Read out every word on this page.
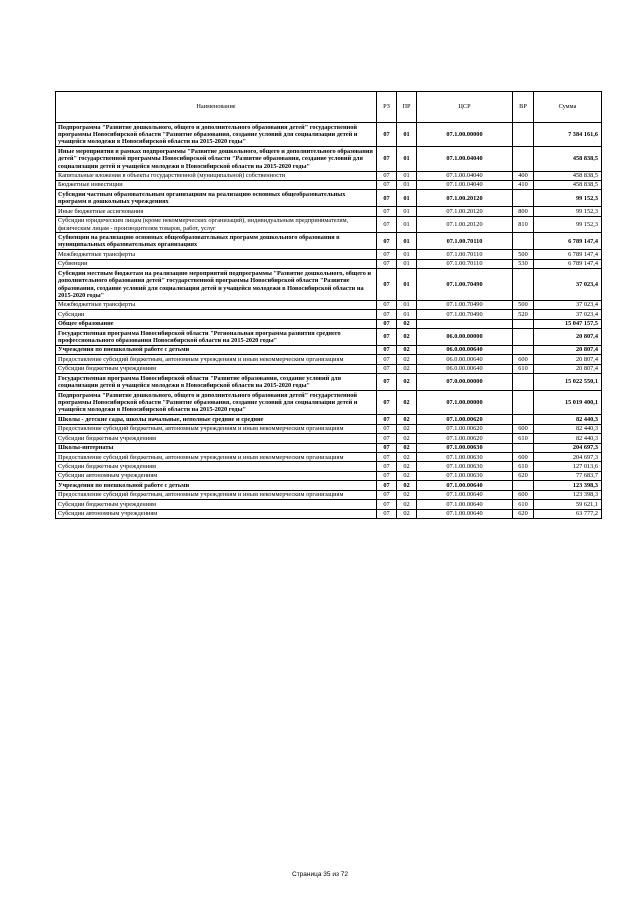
Наименование	РЗ	ПР	ЦСР	ВР	Сумма
Подпрограмма "Развитие дошкольного, общего и дополнительного образования детей" государственной программы Новосибирской области "Развитие образования, создание условий для социализации детей и учащейся молодежи в Новосибирской области на 2015-2020 годы"	07	01	07.1.00.00000		7 384 161,6
Иные мероприятия в рамках подпрограммы "Развитие дошкольного, общего и дополнительного образования детей" государственной программы Новосибирской области "Развитие образования, создание условий для социализации детей и учащейся молодежи в Новосибирской области на 2015-2020 годы"	07	01	07.1.00.04040		458 838,5
Капитальные вложения в объекты государственной (муниципальной) собственности	07	01	07.1.00.04040	400	458 838,5
Бюджетные инвестиции	07	01	07.1.00.04040	410	458 838,5
Субсидии частным образовательным организациям на реализацию основных общеобразовательных программ в дошкольных учреждениях	07	01	07.1.00.20120		99 152,3
Иные бюджетные ассигнования	07	01	07.1.00.20120	800	99 152,3
Субсидии юридическим лицам (кроме некоммерческих организаций), индивидуальным предпринимателям, физическим лицам - производителям товаров, работ, услуг	07	01	07.1.00.20120	810	99 152,3
Субвенции на реализацию основных общеобразовательных программ дошкольного образования в муниципальных образовательных организациях	07	01	07.1.00.70110		6 789 147,4
Межбюджетные трансферты	07	01	07.1.00.70110	500	6 789 147,4
Субвенции	07	01	07.1.00.70110	530	6 789 147,4
Субсидии местным бюджетам на реализацию мероприятий подпрограммы "Развитие дошкольного, общего и дополнительного образования детей" государственной программы Новосибирской области "Развитие образования, создание условий для социализации детей и учащейся молодежи в Новосибирской области на 2015-2020 годы"	07	01	07.1.00.70490		37 023,4
Межбюджетные трансферты	07	01	07.1.00.70490	500	37 023,4
Субсидии	07	01	07.1.00.70490	520	37 023,4
Общее образование	07	02			15 047 157,5
Государственная программа Новосибирской области "Региональная программа развития среднего профессионального образования Новосибирской области на 2015-2020 годы"	07	02	06.0.00.00000		20 807,4
Учреждения по внешкольной работе с детьми	07	02	06.0.00.00640		20 807,4
Предоставление субсидий бюджетным, автономным учреждениям и иным некоммерческим организациям	07	02	06.0.00.00640	600	20 807,4
Субсидии бюджетным учреждениям	07	02	06.0.00.00640	610	20 807,4
Государственная программа Новосибирской области "Развитие образования, создание условий для социализации детей и учащейся молодежи в Новосибирской области на 2015-2020 годы"	07	02	07.0.00.00000		15 022 550,1
Подпрограмма "Развитие дошкольного, общего и дополнительного образования детей" государственной программы Новосибирской области "Развитие образования, создание условий для социализации детей и учащейся молодежи в Новосибирской области на 2015-2020 годы"	07	02	07.1.00.00000		15 019 400,1
Школы - детские сады, школы начальные, неполные средние и средние	07	02	07.1.00.00620		82 440,3
Предоставление субсидий бюджетным, автономным учреждениям и иным некоммерческим организациям	07	02	07.1.00.00620	600	82 440,3
Субсидии бюджетным учреждениям	07	02	07.1.00.00620	610	82 440,3
Школы-интернаты	07	02	07.1.00.00630		204 697,3
Предоставление субсидий бюджетным, автономным учреждениям и иным некоммерческим организациям	07	02	07.1.00.00630	600	204 697,3
Субсидии бюджетным учреждениям	07	02	07.1.00.00630	610	127 013,6
Субсидии автономным учреждениям	07	02	07.1.00.00630	620	77 683,7
Учреждения по внешкольной работе с детьми	07	02	07.1.00.00640		123 398,3
Предоставление субсидий бюджетным, автономным учреждениям и иным некоммерческим организациям	07	02	07.1.00.00640	600	123 398,3
Субсидии бюджетным учреждениям	07	02	07.1.00.00640	610	59 621,1
Субсидии автономным учреждениям	07	02	07.1.00.00640	620	63 777,2
Страница 35 из 72
